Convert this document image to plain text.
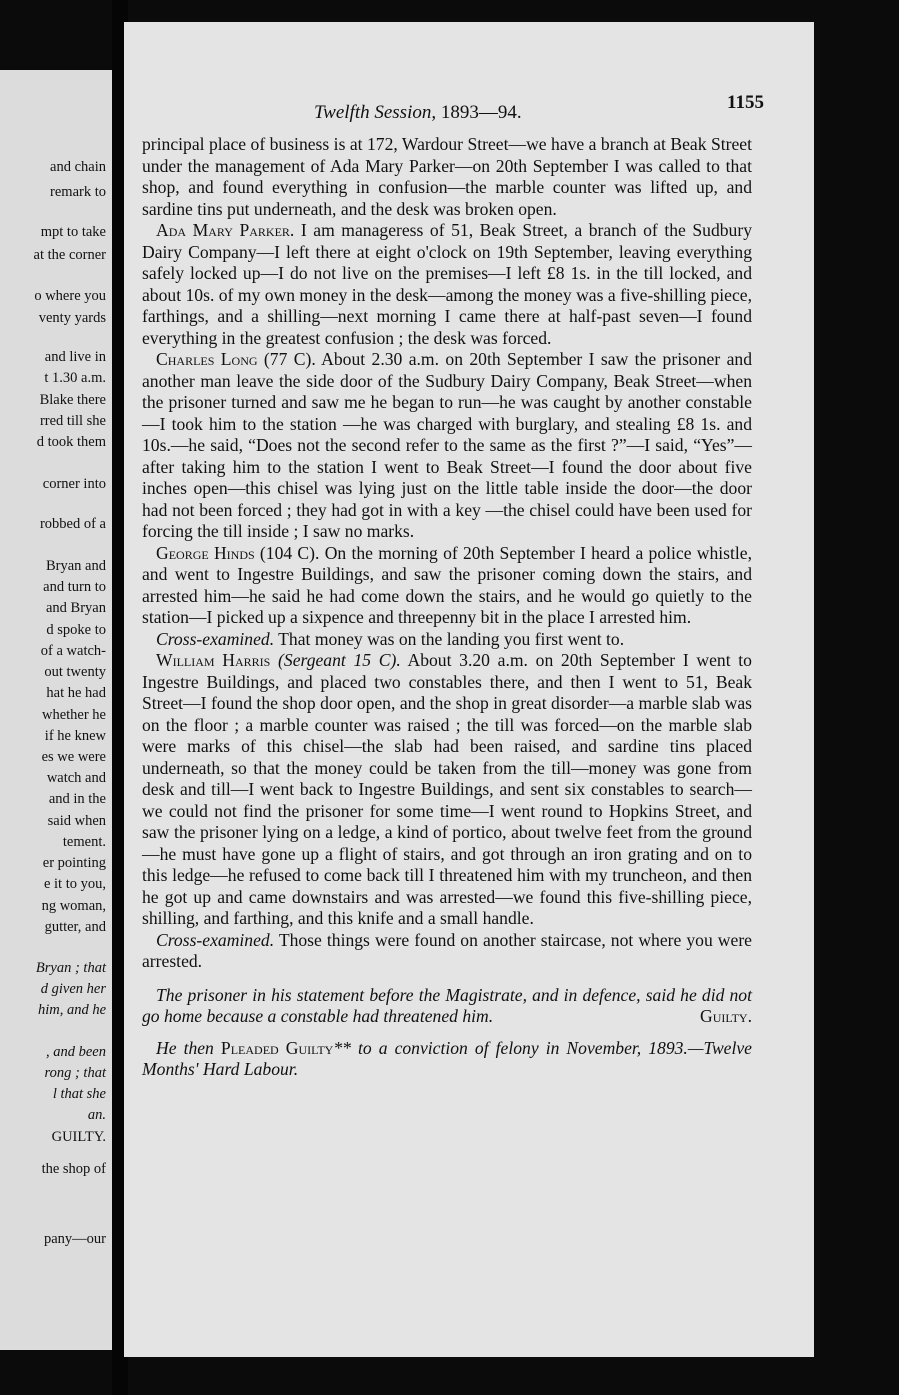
and chain
remark to
mpt to take
at the corner
o where you
venty yards
and live in
t 1.30 a.m.
Blake there
rred till she
d took them
corner into
robbed of a
Bryan and
and turn to
and Bryan
d spoke to
of a watch-
out twenty
hat he had
whether he
if he knew
es we were
watch and
and in the
said when
tement.
er pointing
e it to you,
ng woman,
gutter, and
Bryan ; that
d given her
him, and he
, and been
rong ; that
l that she
an.
GUILTY.
the shop of
pany—our
Twelfth Session, 1893—94.	1155

principal place of business is at 172, Wardour Street—we have a branch at Beak Street under the management of Ada Mary Parker—on 20th September I was called to that shop, and found everything in confusion—the marble counter was lifted up, and sardine tins put underneath, and the desk was broken open.

Ada Mary Parker. I am manageress of 51, Beak Street, a branch of the Sudbury Dairy Company—I left there at eight o'clock on 19th September, leaving everything safely locked up—I do not live on the premises—I left £8 1s. in the till locked, and about 10s. of my own money in the desk—among the money was a five-shilling piece, farthings, and a shilling—next morning I came there at half-past seven—I found everything in the greatest confusion ; the desk was forced.

Charles Long (77 C). About 2.30 a.m. on 20th September I saw the prisoner and another man leave the side door of the Sudbury Dairy Company, Beak Street—when the prisoner turned and saw me he began to run—he was caught by another constable—I took him to the station —he was charged with burglary, and stealing £8 1s. and 10s.—he said, “Does not the second refer to the same as the first ?”—I said, “Yes”—after taking him to the station I went to Beak Street—I found the door about five inches open—this chisel was lying just on the little table inside the door—the door had not been forced ; they had got in with a key —the chisel could have been used for forcing the till inside ; I saw no marks.

George Hinds (104 C). On the morning of 20th September I heard a police whistle, and went to Ingestre Buildings, and saw the prisoner coming down the stairs, and arrested him—he said he had come down the stairs, and he would go quietly to the station—I picked up a sixpence and threepenny bit in the place I arrested him.

Cross-examined. That money was on the landing you first went to.

William Harris (Sergeant 15 C). About 3.20 a.m. on 20th September I went to Ingestre Buildings, and placed two constables there, and then I went to 51, Beak Street—I found the shop door open, and the shop in great disorder—a marble slab was on the floor ; a marble counter was raised ; the till was forced—on the marble slab were marks of this chisel—the slab had been raised, and sardine tins placed underneath, so that the money could be taken from the till—money was gone from desk and till—I went back to Ingestre Buildings, and sent six constables to search—we could not find the prisoner for some time—I went round to Hopkins Street, and saw the prisoner lying on a ledge, a kind of portico, about twelve feet from the ground—he must have gone up a flight of stairs, and got through an iron grating and on to this ledge—he refused to come back till I threatened him with my truncheon, and then he got up and came downstairs and was arrested—we found this five-shilling piece, shilling, and farthing, and this knife and a small handle.

Cross-examined. Those things were found on another staircase, not where you were arrested.

The prisoner in his statement before the Magistrate, and in defence, said he did not go home because a constable had threatened him.	Guilty.

He then Pleaded Guilty** to a conviction of felony in November, 1893.—Twelve Months' Hard Labour.
